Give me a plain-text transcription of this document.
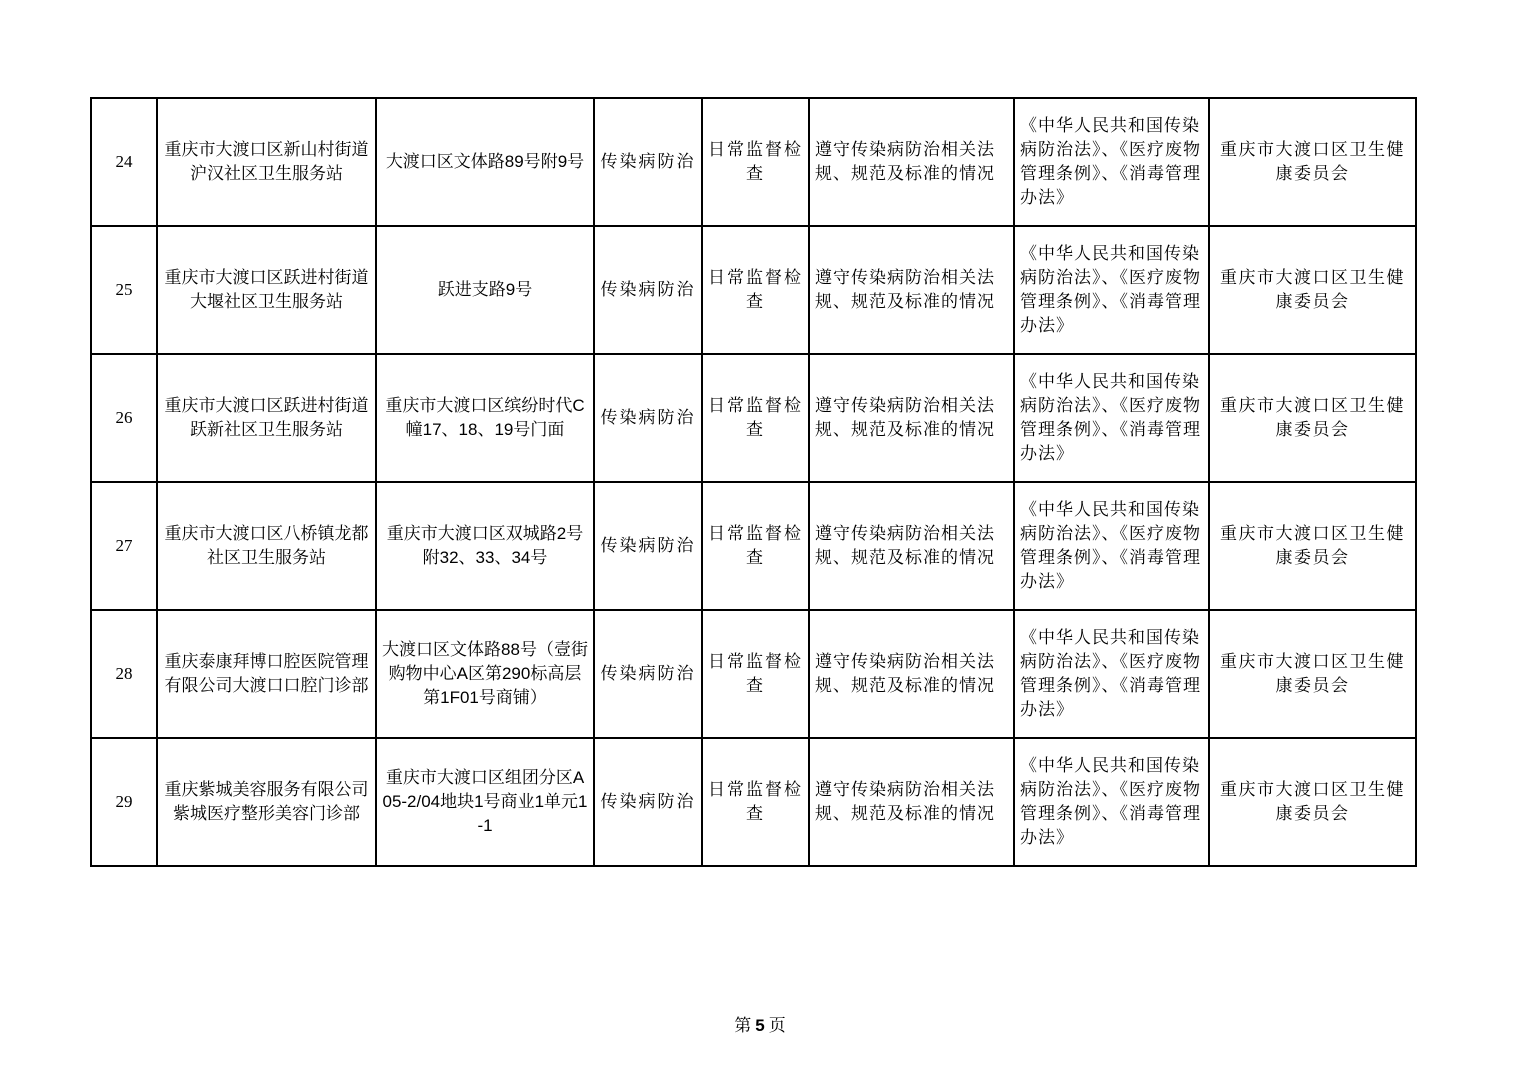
24	重庆市大渡口区新山村街道沪汉社区卫生服务站	大渡口区文体路89号附9号	传染病防治	日常监督检查	遵守传染病防治相关法规、规范及标准的情况	《中华人民共和国传染病防治法》、《医疗废物管理条例》、《消毒管理办法》	重庆市大渡口区卫生健康委员会
25	重庆市大渡口区跃进村街道大堰社区卫生服务站	跃进支路9号	传染病防治	日常监督检查	遵守传染病防治相关法规、规范及标准的情况	《中华人民共和国传染病防治法》、《医疗废物管理条例》、《消毒管理办法》	重庆市大渡口区卫生健康委员会
26	重庆市大渡口区跃进村街道跃新社区卫生服务站	重庆市大渡口区缤纷时代C幢17、18、19号门面	传染病防治	日常监督检查	遵守传染病防治相关法规、规范及标准的情况	《中华人民共和国传染病防治法》、《医疗废物管理条例》、《消毒管理办法》	重庆市大渡口区卫生健康委员会
27	重庆市大渡口区八桥镇龙都社区卫生服务站	重庆市大渡口区双城路2号附32、33、34号	传染病防治	日常监督检查	遵守传染病防治相关法规、规范及标准的情况	《中华人民共和国传染病防治法》、《医疗废物管理条例》、《消毒管理办法》	重庆市大渡口区卫生健康委员会
28	重庆泰康拜博口腔医院管理有限公司大渡口口腔门诊部	大渡口区文体路88号（壹街购物中心A区第290标高层第1F01号商铺）	传染病防治	日常监督检查	遵守传染病防治相关法规、规范及标准的情况	《中华人民共和国传染病防治法》、《医疗废物管理条例》、《消毒管理办法》	重庆市大渡口区卫生健康委员会
29	重庆紫城美容服务有限公司紫城医疗整形美容门诊部	重庆市大渡口区组团分区A05-2/04地块1号商业1单元1-1	传染病防治	日常监督检查	遵守传染病防治相关法规、规范及标准的情况	《中华人民共和国传染病防治法》、《医疗废物管理条例》、《消毒管理办法》	重庆市大渡口区卫生健康委员会
第 5 页
